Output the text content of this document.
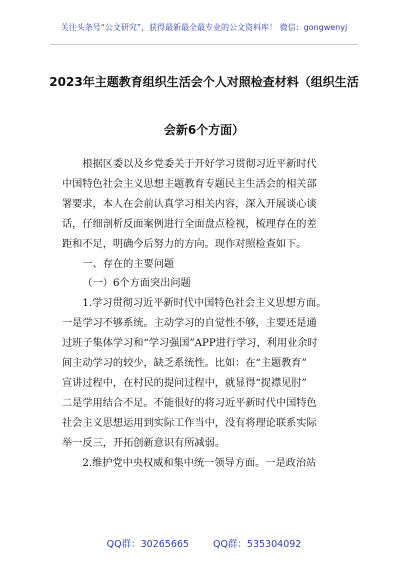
关注头条号“公文研究”，获得最新最全最专业的公文资料库！ 微信：gongwenyj
2023年主题教育组织生活会个人对照检查材料（组织生活
会新6个方面）

根据区委以及乡党委关于开好学习贯彻习近平新时代

中国特色社会主义思想主题教育专题民主生活会的相关部

署要求，本人在会前认真学习相关内容，深入开展谈心谈

话，仔细剖析反面案例进行全面盘点检视，梳理存在的差

距和不足，明确今后努力的方向。现作对照检查如下。

一、存在的主要问题

（一）6个方面突出问题

1.学习贯彻习近平新时代中国特色社会主义思想方面。

一是学习不够系统。主动学习的自觉性不够，主要还是通

过班子集体学习和“学习强国”APP进行学习，利用业余时

间主动学习的较少，缺乏系统性。比如：在“主题教育”

宣讲过程中，在村民的提问过程中，就显得“捉襟见肘”

二是学用结合不足。不能很好的将习近平新时代中国特色

社会主义思想运用到实际工作当中，没有将理论联系实际

举一反三，开拓创新意识有所减弱。

2.维护党中央权威和集中统一领导方面。一是政治站

QQ群：30265665	QQ群：535304092
